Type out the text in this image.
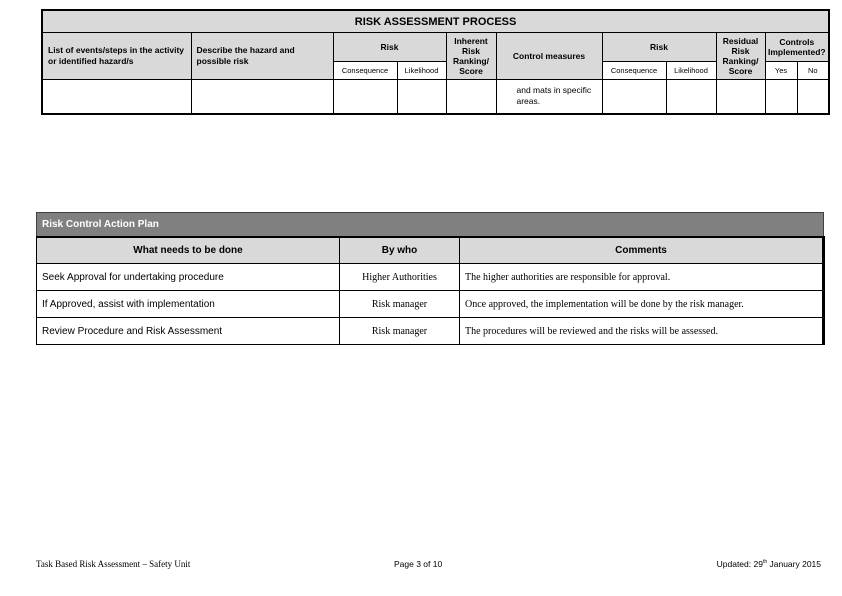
RISK ASSESSMENT PROCESS										
List of events/steps in the activity or identified hazard/s	Describe the hazard and possible risk	Risk		Inherent Risk Ranking/ Score	Control measures	Risk		Residual Risk Ranking/ Score	Controls Implemented?	
		Consequence	Likelihood			Consequence	Likelihood		Yes	No
					and mats in specific areas.					
Risk Control Action Plan		
What needs to be done	By who	Comments
Seek Approval for undertaking procedure	Higher Authorities	The higher authorities are responsible for approval.
If Approved, assist with implementation	Risk manager	Once approved, the implementation will be done by the risk manager.
Review Procedure and Risk Assessment	Risk manager	The procedures will be reviewed and the risks will be assessed.
Task Based Risk Assessment – Safety Unit	Page 3 of 10	Updated: 29th January 2015
